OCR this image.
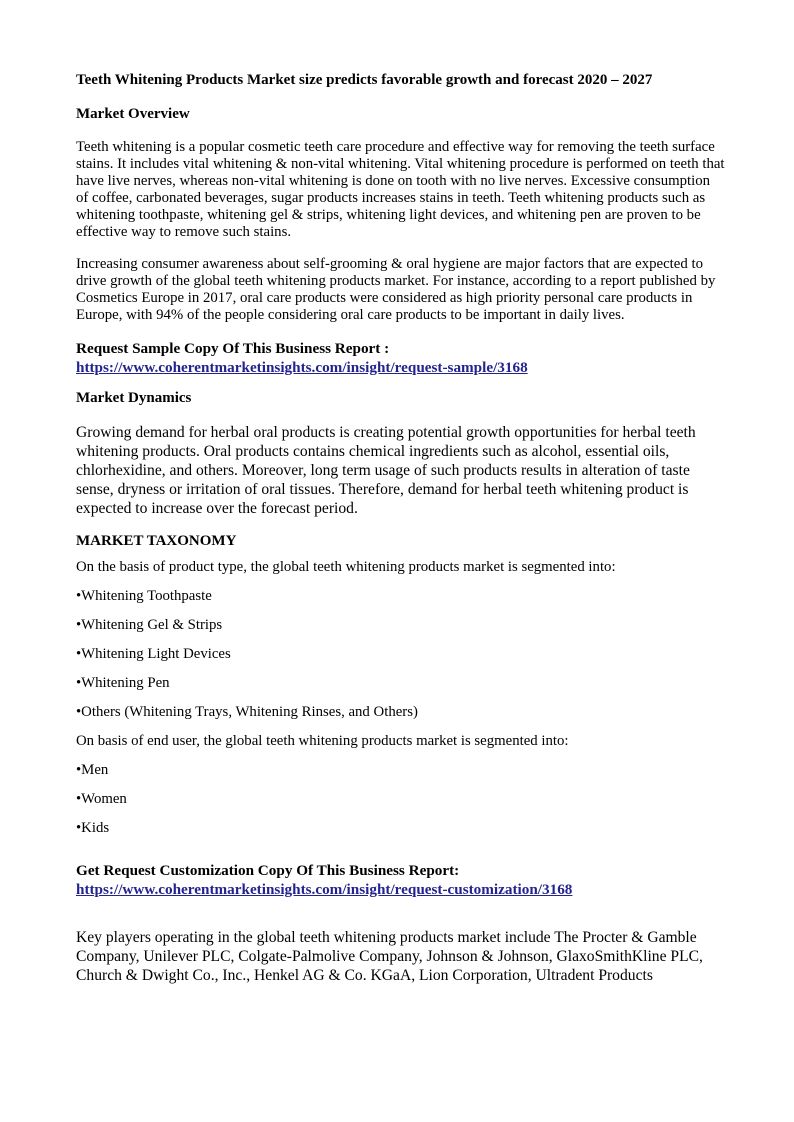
Teeth Whitening Products Market size predicts favorable growth and forecast 2020 – 2027
Market Overview

Teeth whitening is a popular cosmetic teeth care procedure and effective way for removing the teeth surface stains. It includes vital whitening & non-vital whitening. Vital whitening procedure is performed on teeth that have live nerves, whereas non-vital whitening is done on tooth with no live nerves. Excessive consumption of coffee, carbonated beverages, sugar products increases stains in teeth. Teeth whitening products such as whitening toothpaste, whitening gel & strips, whitening light devices, and whitening pen are proven to be effective way to remove such stains.

Increasing consumer awareness about self-grooming & oral hygiene are major factors that are expected to drive growth of the global teeth whitening products market. For instance, according to a report published by Cosmetics Europe in 2017, oral care products were considered as high priority personal care products in Europe, with 94% of the people considering oral care products to be important in daily lives.

Request Sample Copy Of This Business Report :
https://www.coherentmarketinsights.com/insight/request-sample/3168
Market Dynamics

Growing demand for herbal oral products is creating potential growth opportunities for herbal teeth whitening products. Oral products contains chemical ingredients such as alcohol, essential oils, chlorhexidine, and others. Moreover, long term usage of such products results in alteration of taste sense, dryness or irritation of oral tissues. Therefore, demand for herbal teeth whitening product is expected to increase over the forecast period.

MARKET TAXONOMY

On the basis of product type, the global teeth whitening products market is segmented into:

•Whitening Toothpaste

•Whitening Gel & Strips

•Whitening Light Devices

•Whitening Pen

•Others (Whitening Trays, Whitening Rinses, and Others)

On basis of end user, the global teeth whitening products market is segmented into:

•Men

•Women

•Kids

Get Request Customization Copy Of This Business Report:
https://www.coherentmarketinsights.com/insight/request-customization/3168

Key players operating in the global teeth whitening products market include The Procter & Gamble Company, Unilever PLC, Colgate-Palmolive Company, Johnson & Johnson, GlaxoSmithKline PLC, Church & Dwight Co., Inc., Henkel AG & Co. KGaA, Lion Corporation, Ultradent Products
